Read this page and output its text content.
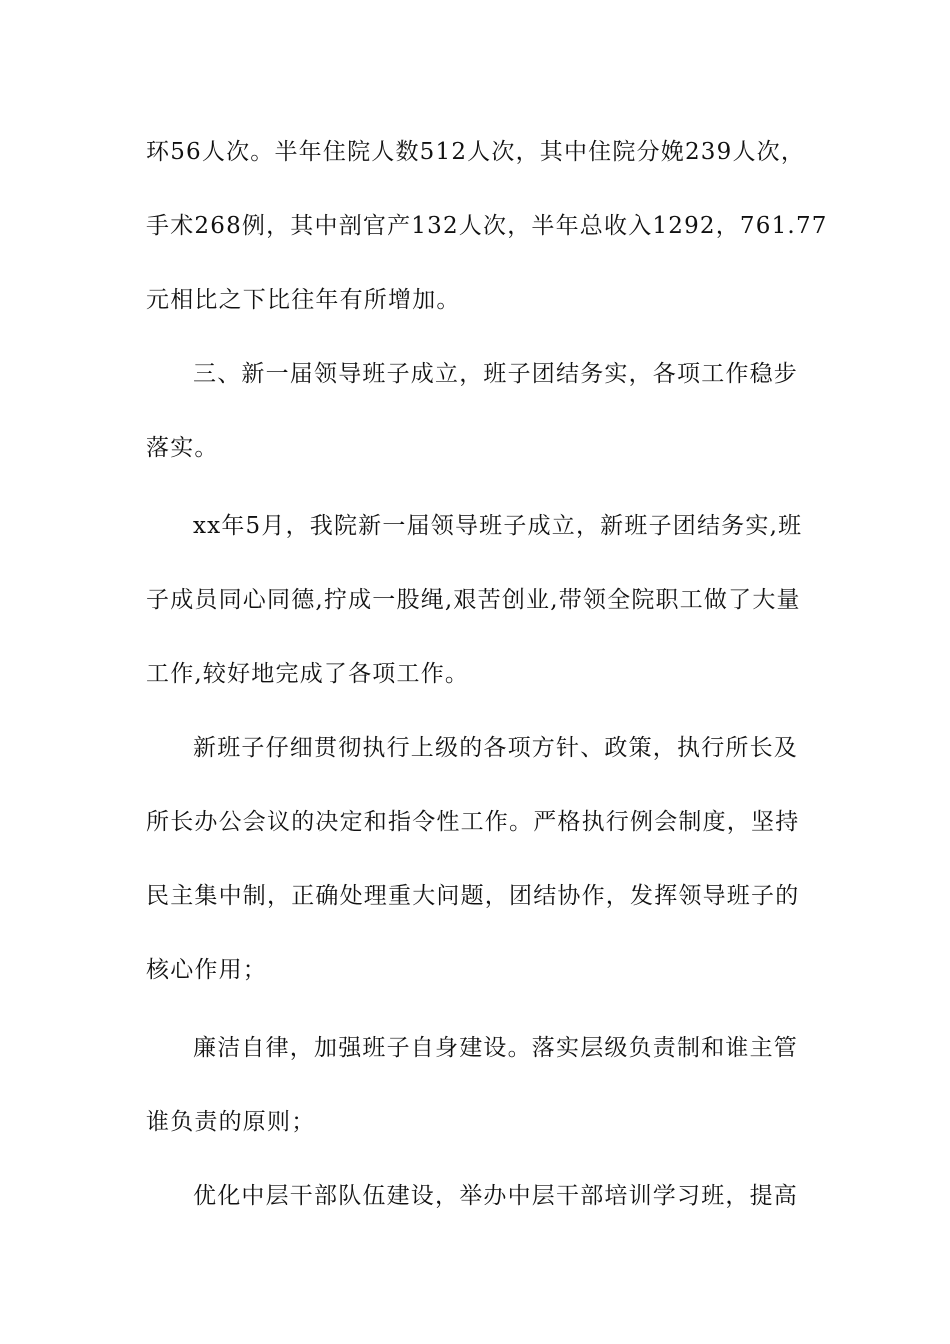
环56人次。半年住院人数512人次，其中住院分娩239人次，
手术268例，其中剖官产132人次，半年总收入1292，761.77
元相比之下比往年有所增加。
三、新一届领导班子成立，班子团结务实，各项工作稳步
落实。
xx年5月，我院新一届领导班子成立，新班子团结务实,班
子成员同心同德,拧成一股绳,艰苦创业,带领全院职工做了大量
工作,较好地完成了各项工作。
新班子仔细贯彻执行上级的各项方针、政策，执行所长及
所长办公会议的决定和指令性工作。严格执行例会制度，坚持
民主集中制，正确处理重大问题，团结协作，发挥领导班子的
核心作用；
廉洁自律，加强班子自身建设。落实层级负责制和谁主管
谁负责的原则；
优化中层干部队伍建设，举办中层干部培训学习班，提高
